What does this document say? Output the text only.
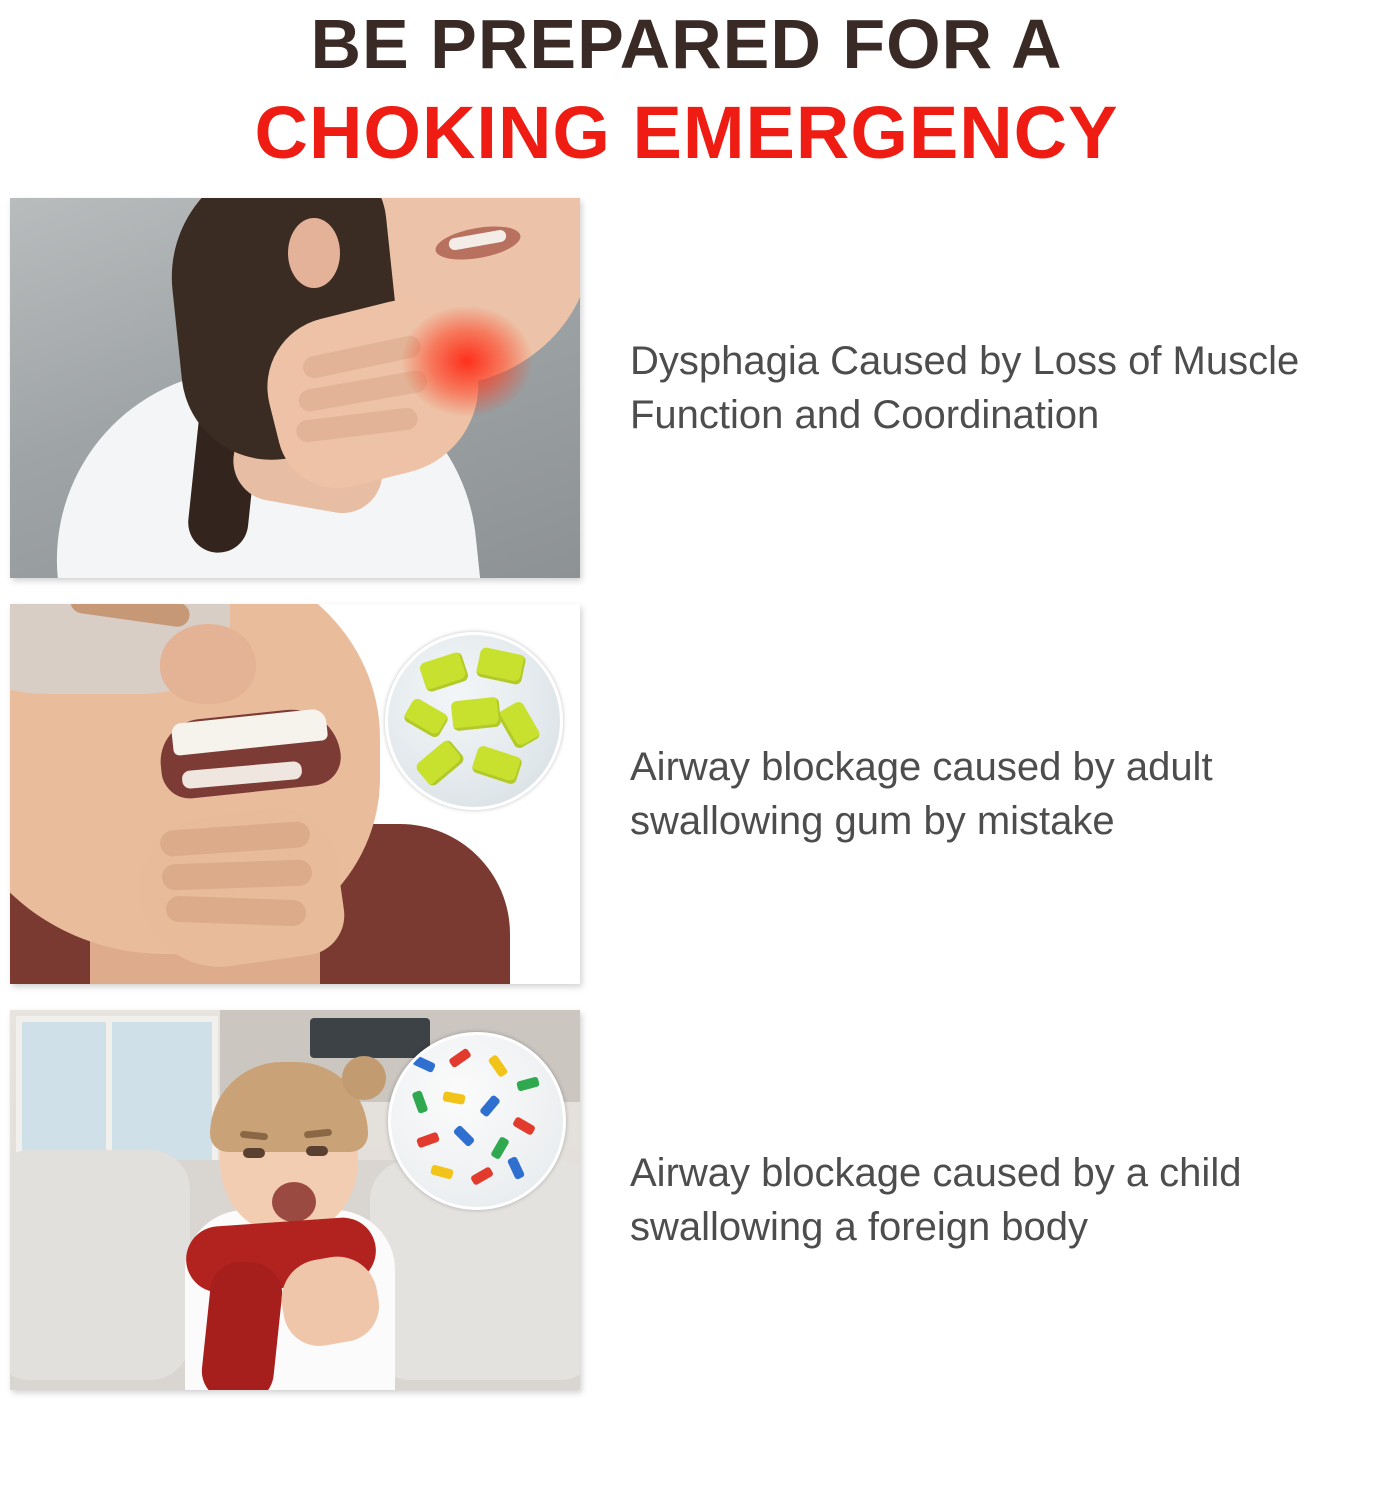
BE PREPARED FOR A
CHOKING EMERGENCY
Dysphagia Caused by Loss of Muscle Function and Coordination
Airway blockage caused by adult swallowing gum by mistake
Airway blockage caused by a child swallowing a foreign body
